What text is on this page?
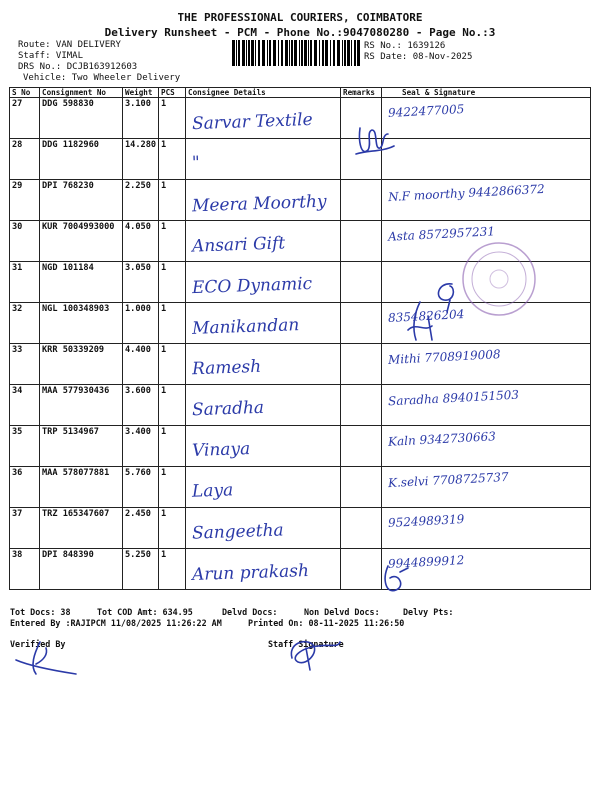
THE PROFESSIONAL COURIERS, COIMBATORE
Delivery Runsheet - PCM - Phone No.:9047080280 - Page No.:3
Route: VAN DELIVERY
Staff: VIMAL
DRS No.: DCJB163912603
Vehicle: Two Wheeler Delivery
RS No.: 1639126
RS Date: 08-Nov-2025
S No	Consignment No	Weight	PCS	Consignee Details	Remarks	Seal & Signature
27	DDG 598830	3.100	1	Sarvar Textile		9422477005

28	DDG 1182960	14.280	1	"		

29	DPI 768230	2.250	1	Meera Moorthy		N.F moorthy 9442866372

30	KUR 7004993000	4.050	1	Ansari Gift		Asta 8572957231

31	NGD 101184	3.050	1	ECO Dynamic		

32	NGL 100348903	1.000	1	Manikandan		8354826204

33	KRR 50339209	4.400	1	Ramesh		Mithi 7708919008

34	MAA 577930436	3.600	1	Saradha		Saradha 8940151503

35	TRP 5134967	3.400	1	Vinaya		Kaln 9342730663

36	MAA 578077881	5.760	1	Laya		K.selvi 7708725737

37	TRZ 165347607	2.450	1	Sangeetha		9524989319

38	DPI 848390	5.250	1	Arun prakash		9944899912
Tot Docs: 38	Tot COD Amt: 634.95	Delvd Docs:	Non Delvd Docs:	Delvy Pts:
Entered By :RAJIPCM 11/08/2025 11:26:22 AM	Printed On: 08-11-2025 11:26:50
Verified By	Staff Signature
